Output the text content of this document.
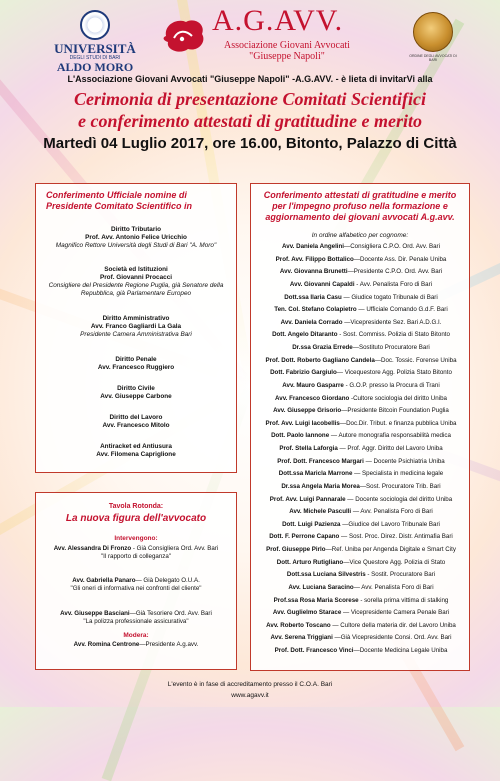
UNIVERSITÀ
DEGLI STUDI DI BARI
ALDO MORO
A.G.AVV.
Associazione Giovani Avvocati
"Giuseppe Napoli"	ORDINE DEGLI AVVOCATI DI BARI
L'Associazione Giovani Avvocati "Giuseppe Napoli" -A.G.AVV. - è lieta di invitarVi alla
Cerimonia di presentazione Comitati Scientifici
e conferimento attestati di gratitudine e merito
Martedì 04 Luglio 2017, ore 16.00, Bitonto, Palazzo di Città
Conferimento Ufficiale nomine di Presidente Comitato Scientifico in
Diritto Tributario
Prof. Avv. Antonio Felice Uricchio
Magnifico Rettore Università degli Studi di Bari "A. Moro"
Società ed Istituzioni
Prof. Giovanni Procacci
Consigliere del Presidente Regione Puglia, già Senatore della Repubblica, già Parlamentare Europeo
Diritto Amministrativo
Avv. Franco Gagliardi La Gala
Presidente Camera Amministrativa Bari
Diritto Penale
Avv. Francesco Ruggiero
Diritto Civile
Avv. Giuseppe Carbone
Diritto del Lavoro
Avv. Francesco Mitolo
Antiracket ed Antiusura
Avv. Filomena Capriglione
Tavola Rotonda:
La nuova figura dell'avvocato
Intervengono:
Avv. Alessandra Di Fronzo - Già Consigliera Ord. Avv. Bari
"Il rapporto di colleganza"
Avv. Gabriella Panaro— Già Delegato O.U.A.
"Gli oneri di informativa nei confronti del cliente"
Avv. Giuseppe Basciani—Già Tesoriere Ord. Avv. Bari
"La polizza professionale assicurativa"
Modera:
Avv. Romina Centrone—Presidente A.g.avv.
Conferimento attestati di gratitudine e merito per l'impegno profuso nella formazione e aggiornamento dei giovani avvocati A.g.avv.
In ordine alfabetico per cognome:
Avv. Daniela Angelini—Consigliera C.P.O. Ord. Avv. Bari
Prof. Avv. Filippo Bottalico—Docente Ass. Dir. Penale Uniba
Avv. Giovanna Brunetti—Presidente C.P.O. Ord. Avv. Bari
Avv. Giovanni Capaldi - Avv. Penalista Foro di Bari
Dott.ssa Ilaria Casu — Giudice togato Tribunale di Bari
Ten. Col. Stefano Colapietro — Ufficiale Comando G.d.F. Bari
Avv. Daniela Corrado —Vicepresidente Sez. Bari A.D.G.I.
Dott. Angelo Ditaranto - Sost. Commiss. Polizia di Stato Bitonto
Dr.ssa Grazia Errede—Sostituto Procuratore Bari
Prof. Dott. Roberto Gagliano Candela—Doc. Tossic. Forense Uniba
Dott. Fabrizio Gargiulo— Vicequestore Agg. Polizia Stato Bitonto
Avv. Mauro Gasparre - G.O.P. presso la Procura di Trani
Avv. Francesco Giordano -Cultore sociologia del diritto Uniba
Avv. Giuseppe Grisorio—Presidente Bitcoin Foundation Puglia
Prof. Avv. Luigi Iacobellis—Doc.Dir. Tribut. e finanza pubblica Uniba
Dott. Paolo Iannone — Autore monografia responsabilità medica
Prof. Stella Laforgia — Prof. Aggr. Diritto del Lavoro Uniba
Prof. Dott. Francesco Margari — Docente Psichiatria Uniba
Dott.ssa Maricla Marrone — Specialista in medicina legale
Dr.ssa Angela Maria Morea—Sost. Procuratore Trib. Bari
Prof. Avv. Luigi Pannarale — Docente sociologia del diritto Uniba
Avv. Michele Pasculli — Avv. Penalista Foro di Bari
Dott. Luigi Pazienza —Giudice del Lavoro Tribunale Bari
Dott. F. Perrone Capano — Sost. Proc. Direz. Distr. Antimafia Bari
Prof. Giuseppe Pirlo—Ref. Uniba per Angenda Digitale e Smart City
Dott. Arturo Rutigliano—Vice Questore Agg. Polizia di Stato
Dott.ssa Luciana Silvestris - Sostit. Procuratore Bari
Avv. Luciana Saracino— Avv. Penalista Foro di Bari
Prof.ssa Rosa Maria Scorese - sorella prima vittima di stalking
Avv. Guglielmo Starace — Vicepresidente Camera Penale Bari
Avv. Roberto Toscano — Cultore della materia dir. del Lavoro Uniba
Avv. Serena Triggiani —Già Vicepresidente Consi. Ord. Avv. Bari
Prof. Dott. Francesco Vinci—Docente Medicina Legale Uniba
L'evento è in fase di accreditamento presso il C.O.A. Bari
www.agavv.it
